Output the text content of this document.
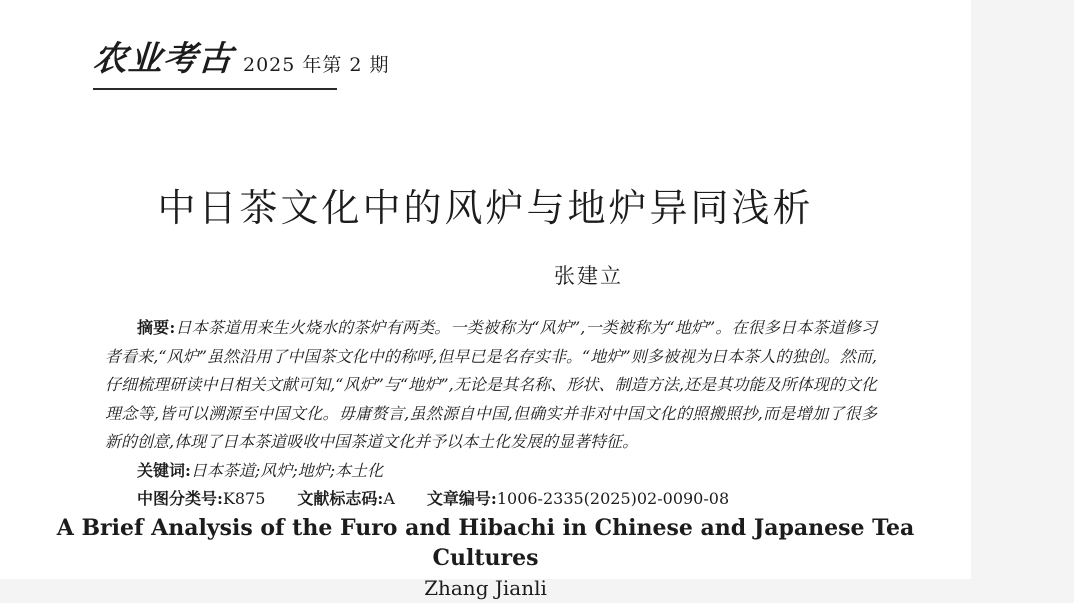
农业考古 2025 年第 2 期
中日茶文化中的风炉与地炉异同浅析
张建立

摘要:日本茶道用来生火烧水的茶炉有两类。一类被称为“风炉”,一类被称为“地炉”。在很多日本茶道修习者看来,“风炉”虽然沿用了中国茶文化中的称呼,但早已是名存实非。“地炉”则多被视为日本茶人的独创。然而,仔细梳理研读中日相关文献可知,“风炉”与“地炉”,无论是其名称、形状、制造方法,还是其功能及所体现的文化理念等,皆可以溯源至中国文化。毋庸赘言,虽然源自中国,但确实并非对中国文化的照搬照抄,而是增加了很多新的创意,体现了日本茶道吸收中国茶道文化并予以本土化发展的显著特征。

关键词:日本茶道;风炉;地炉;本土化

中图分类号:K875 文献标志码:A 文章编号:1006-2335(2025)02-0090-08

A Brief Analysis of the Furo and Hibachi in Chinese and Japanese Tea Cultures
Zhang Jianli
